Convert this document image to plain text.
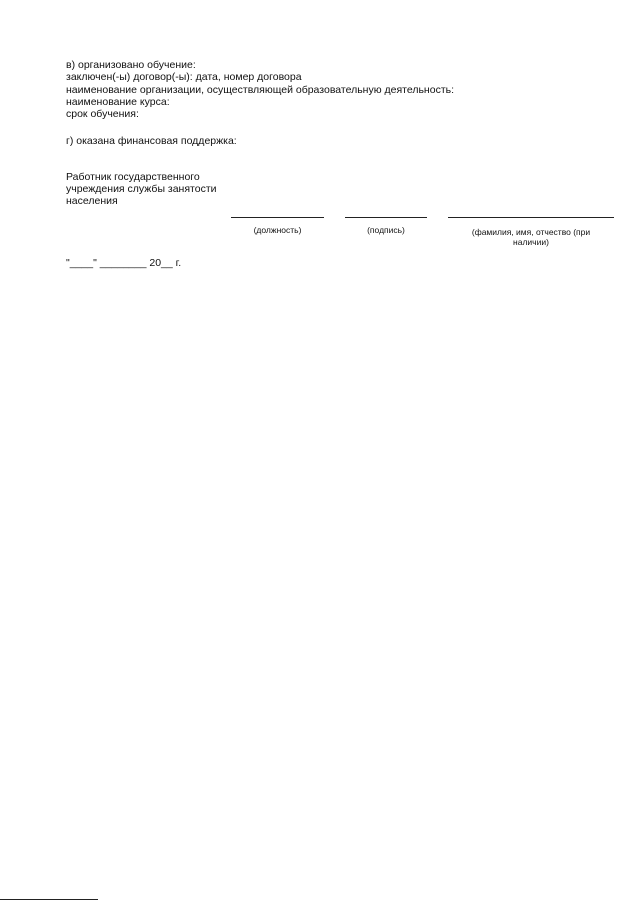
в) организовано обучение:
заключен(-ы) договор(-ы): дата, номер договора
наименование организации, осуществляющей образовательную деятельность:
наименование курса:
срок обучения:
г) оказана финансовая поддержка:
Работник государственного
учреждения службы занятости
населения
(должность)	(подпись)	(фамилия, имя, отчество (при
наличии)
"____" ________ 20__ г.
